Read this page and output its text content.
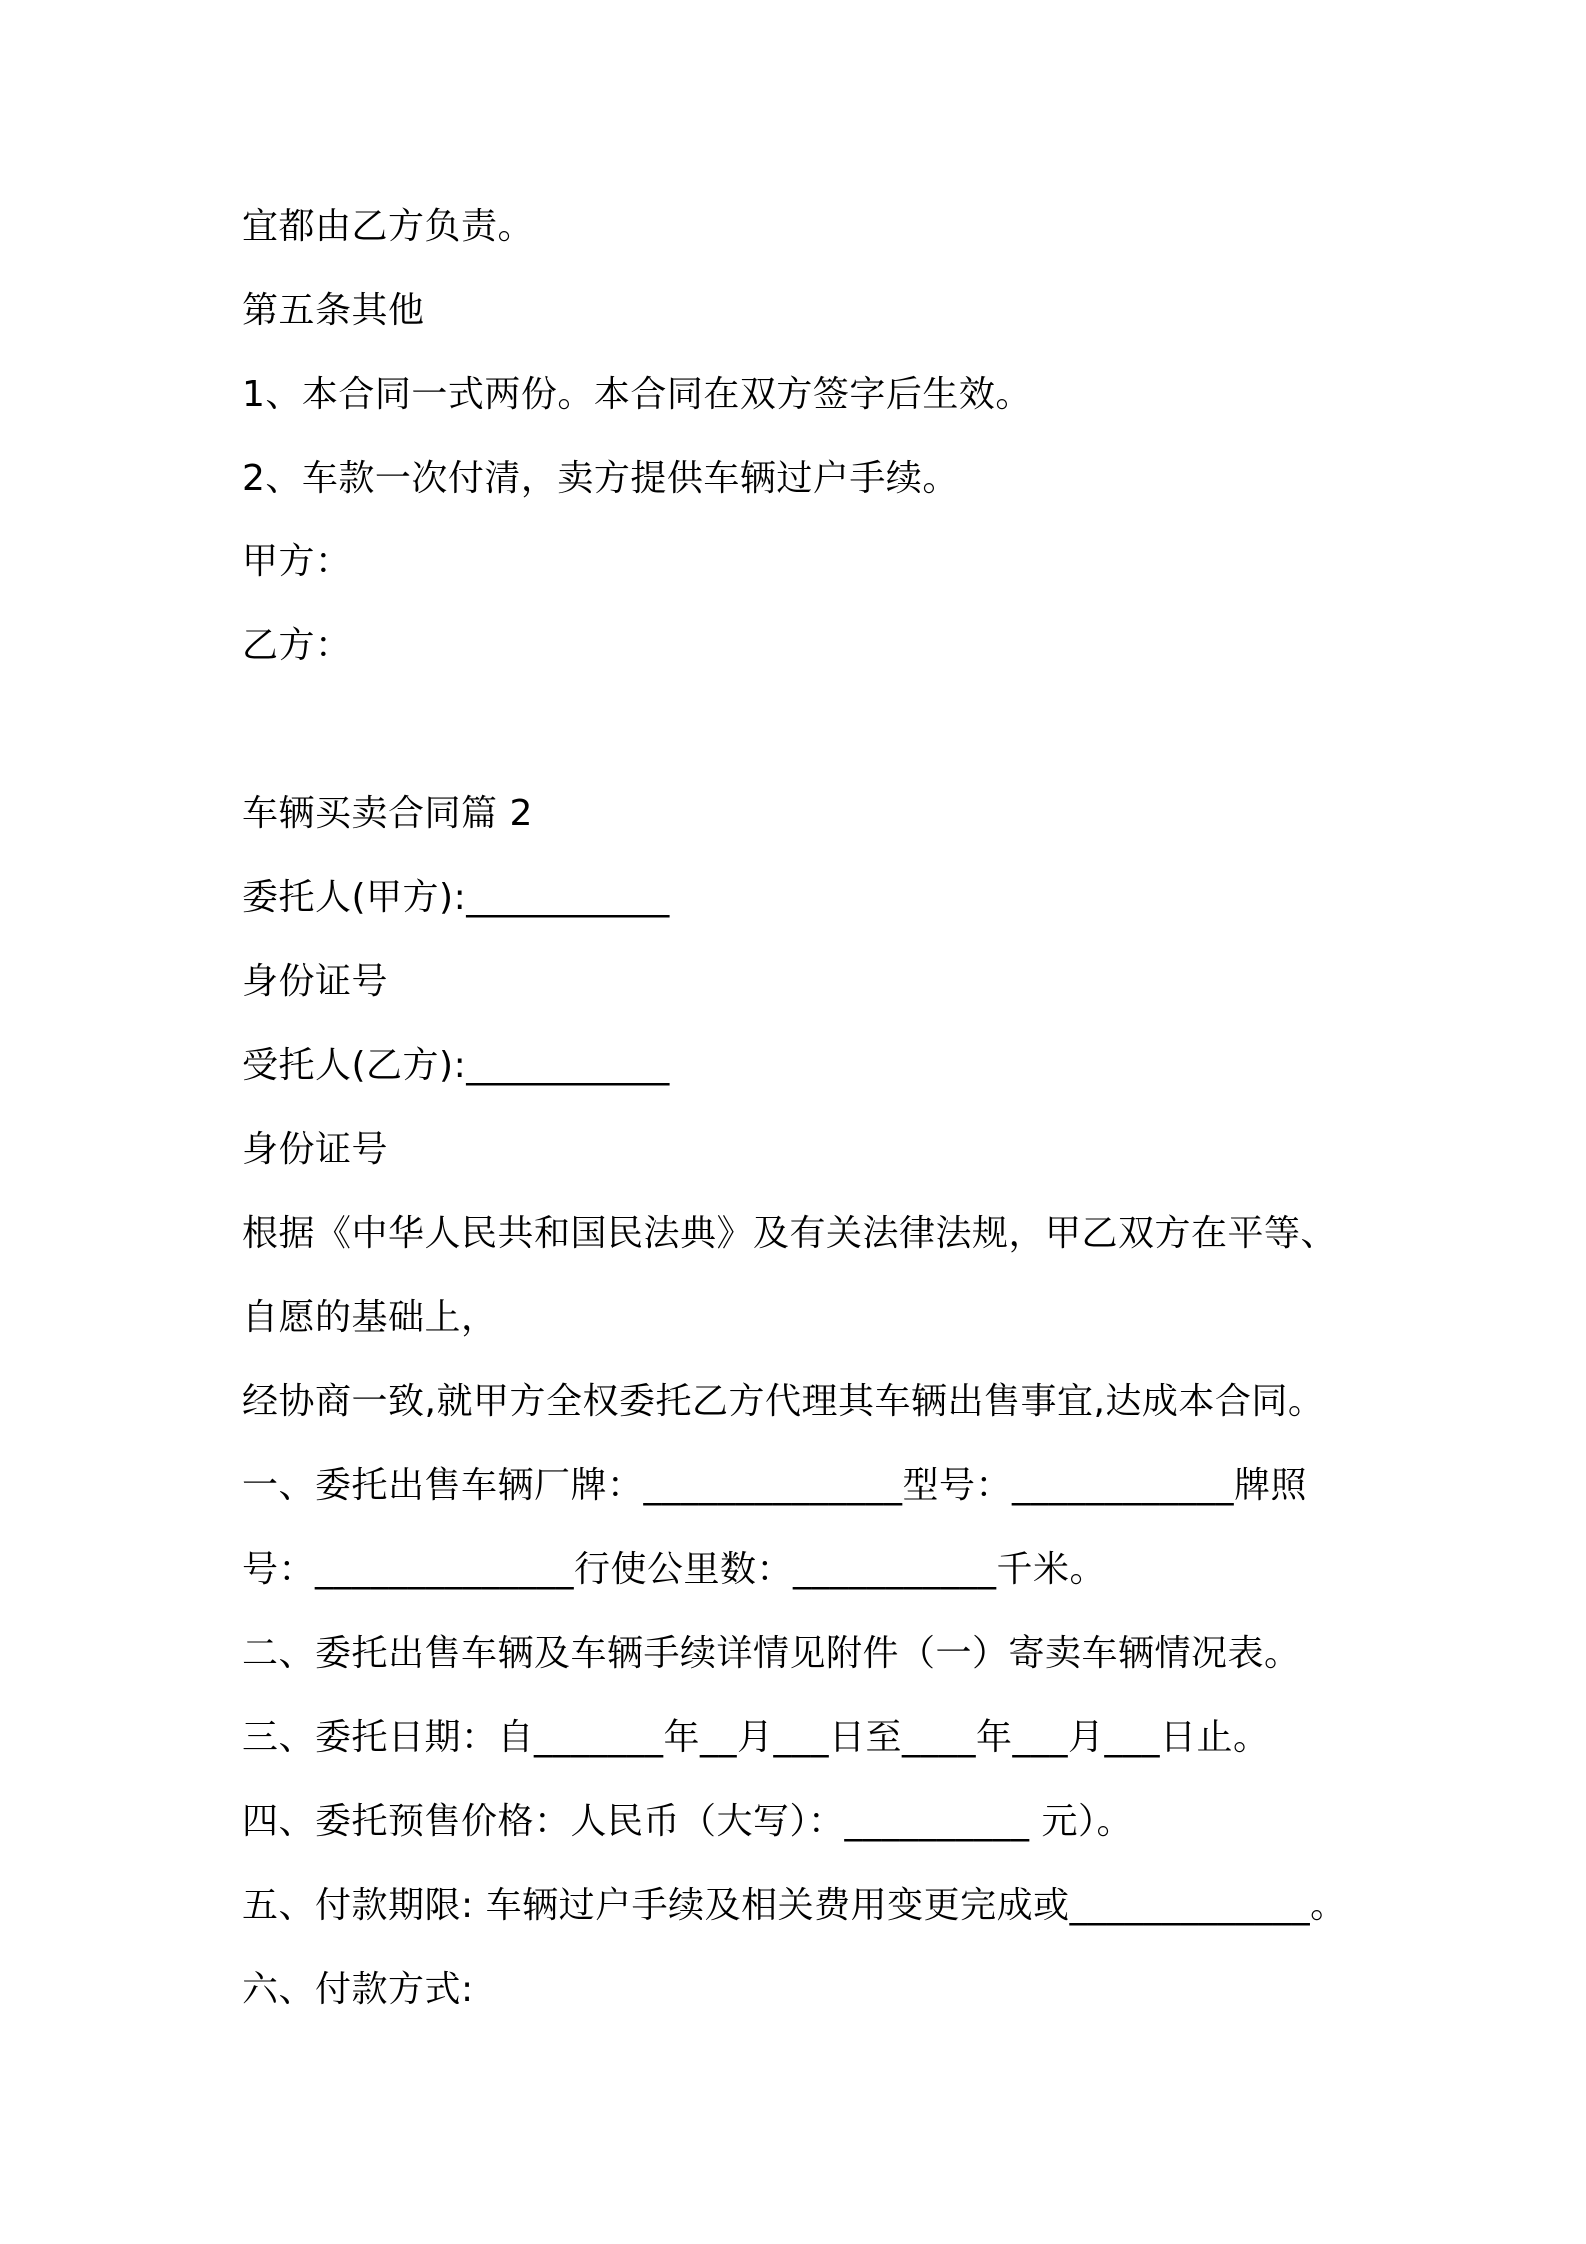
宜都由乙方负责。

第五条其他

1、本合同一式两份。本合同在双方签字后生效。

2、车款一次付清，卖方提供车辆过户手续。

甲方：

乙方：

车辆买卖合同篇 2

委托人(甲方):___________

身份证号

受托人(乙方):___________

身份证号

根据《中华人民共和国民法典》及有关法律法规，甲乙双方在平等、

自愿的基础上，

经协商一致,就甲方全权委托乙方代理其车辆出售事宜,达成本合同。

一、委托出售车辆厂牌：______________型号：____________牌照

号：______________行使公里数：___________千米。

二、委托出售车辆及车辆手续详情见附件（一）寄卖车辆情况表。

三、委托日期：自_______年__月___日至____年___月___日止。

四、委托预售价格：人民币（大写）：__________ 元）。

五、付款期限: 车辆过户手续及相关费用变更完成或_____________。

六、付款方式:
